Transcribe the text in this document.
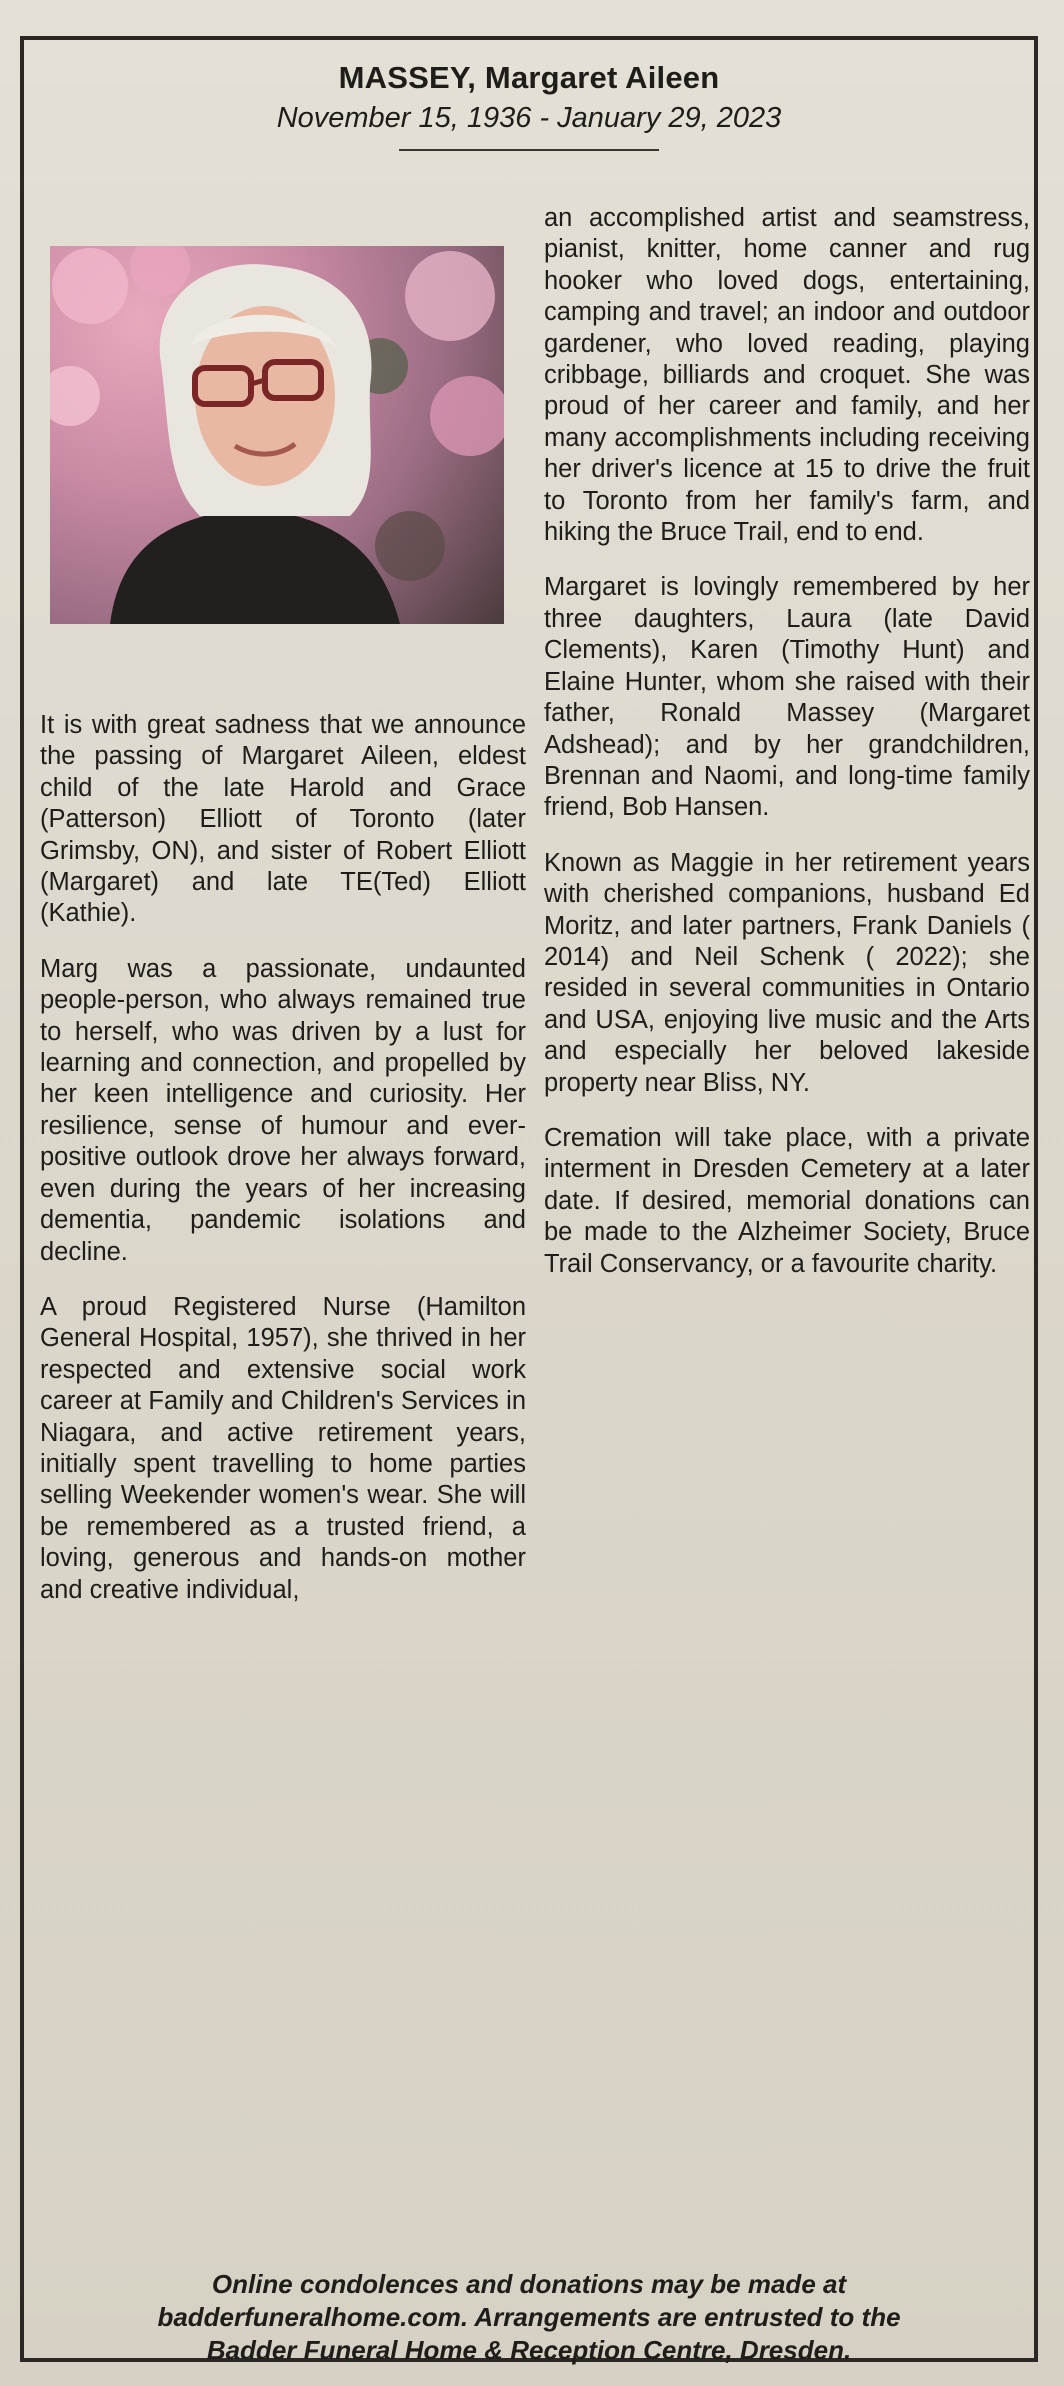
MASSEY, Margaret Aileen
November 15, 1936 - January 29, 2023

It is with great sadness that we announce the passing of Margaret Aileen, eldest child of the late Harold and Grace (Patterson) Elliott of Toronto (later Grimsby, ON), and sister of Robert Elliott (Margaret) and late TE(Ted) Elliott (Kathie).

Marg was a passionate, undaunted people-person, who always remained true to herself, who was driven by a lust for learning and connection, and propelled by her keen intelligence and curiosity. Her resilience, sense of humour and ever-positive outlook drove her always forward, even during the years of her increasing dementia, pandemic isolations and decline.

A proud Registered Nurse (Hamilton General Hospital, 1957), she thrived in her respected and extensive social work career at Family and Children's Services in Niagara, and active retirement years, initially spent travelling to home parties selling Weekender women's wear. She will be remembered as a trusted friend, a loving, generous and hands-on mother and creative individual,

an accomplished artist and seamstress, pianist, knitter, home canner and rug hooker who loved dogs, entertaining, camping and travel; an indoor and outdoor gardener, who loved reading, playing cribbage, billiards and croquet. She was proud of her career and family, and her many accomplishments including receiving her driver's licence at 15 to drive the fruit to Toronto from her family's farm, and hiking the Bruce Trail, end to end.

Margaret is lovingly remembered by her three daughters, Laura (late David Clements), Karen (Timothy Hunt) and Elaine Hunter, whom she raised with their father, Ronald Massey (Margaret Adshead); and by her grandchildren, Brennan and Naomi, and long-time family friend, Bob Hansen.

Known as Maggie in her retirement years with cherished companions, husband Ed Moritz, and later partners, Frank Daniels ( 2014) and Neil Schenk ( 2022); she resided in several communities in Ontario and USA, enjoying live music and the Arts and especially her beloved lakeside property near Bliss, NY.

Cremation will take place, with a private interment in Dresden Cemetery at a later date. If desired, memorial donations can be made to the Alzheimer Society, Bruce Trail Conservancy, or a favourite charity.

Online condolences and donations may be made at
badderfuneralhome.com. Arrangements are entrusted to the
Badder Funeral Home & Reception Centre, Dresden.
